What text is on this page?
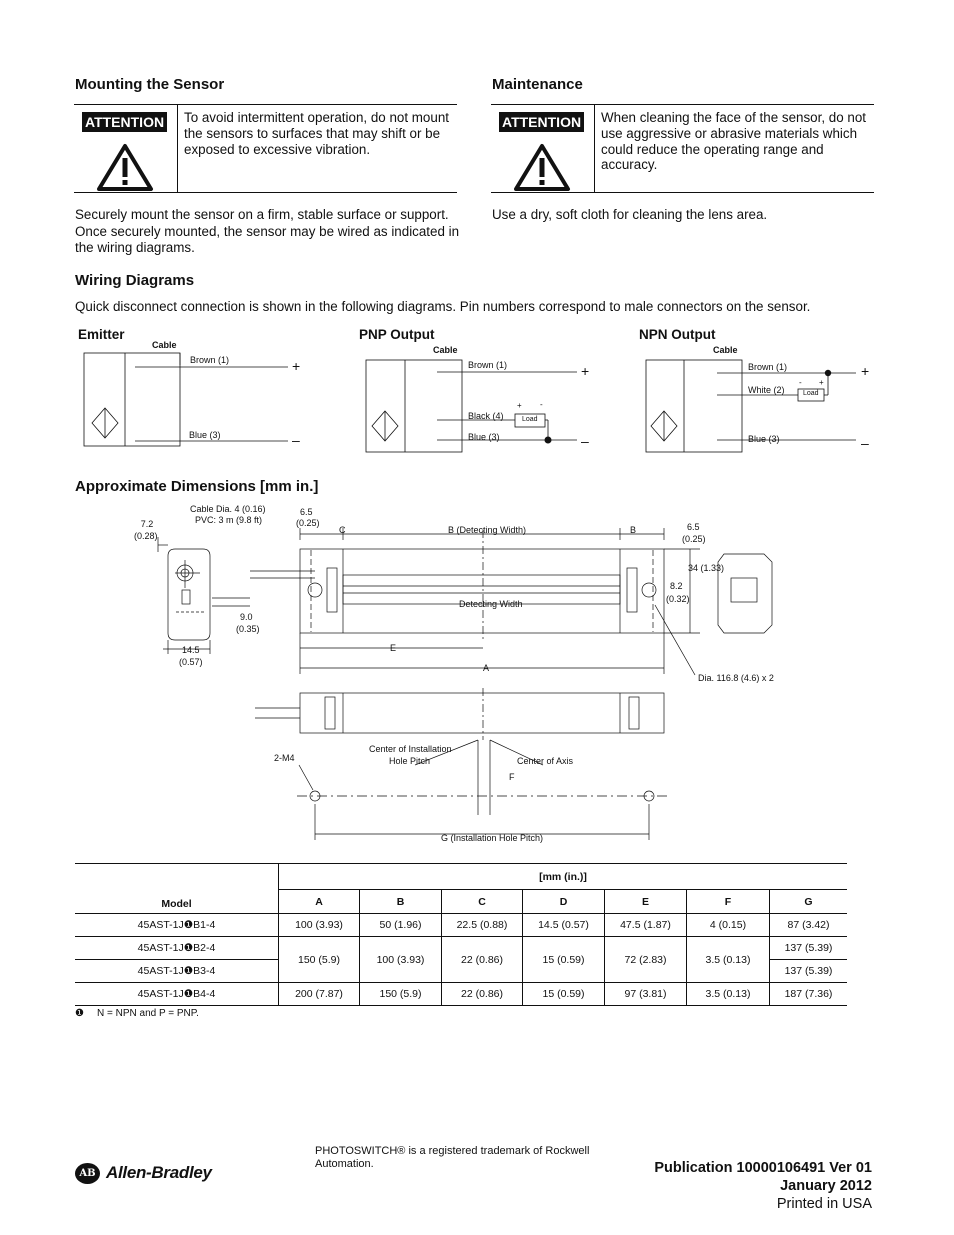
Mounting the Sensor
ATTENTION To avoid intermittent operation, do not mount the sensors to surfaces that may shift or be exposed to excessive vibration.
Securely mount the sensor on a firm, stable surface or support. Once securely mounted, the sensor may be wired as indicated in the wiring diagrams.
Maintenance
ATTENTION When cleaning the face of the sensor, do not use aggressive or abrasive materials which could reduce the operating range and accuracy.
Use a dry, soft cloth for cleaning the lens area.
Wiring Diagrams
Quick disconnect connection is shown in the following diagrams. Pin numbers correspond to male connectors on the sensor.
Emitter
Cable
Brown (1)
Blue (3)
+
–
PNP Output
Cable
Brown (1)
Black (4)
Blue (3)
Load
+ -
+
–
NPN Output
Cable
Brown (1)
White (2)
Blue (3)
Load
- +
+
–
Approximate Dimensions [mm in.]
7.2
(0.28)
Cable Dia. 4 (0.16)
PVC: 3 m (9.8 ft)
6.5
(0.25)
C	B (Detecting Width)	B	6.5
(0.25)
34 (1.33)
8.2
(0.32)
Detecting Width
9.0
(0.35)
14.5
(0.57)
E
A
Dia. 116.8 (4.6) x 2
2-M4
Center of Installation
Hole Pitch	Center of Axis
F
G (Installation Hole Pitch)
Model	[mm (in.)]						
	A	B	C	D	E	F	G
45AST-1J❶B1-4	100 (3.93)	50 (1.96)	22.5 (0.88)	14.5 (0.57)	47.5 (1.87)	4 (0.15)	87 (3.42)
45AST-1J❶B2-4	150 (5.9)	100 (3.93)	22 (0.86)	15 (0.59)	72 (2.83)	3.5 (0.13)	137 (5.39)
45AST-1J❶B3-4							137 (5.39)
45AST-1J❶B4-4	200 (7.87)	150 (5.9)	22 (0.86)	15 (0.59)	97 (3.81)	3.5 (0.13)	187 (7.36)
❶ N = NPN and P = PNP.
PHOTOSWITCH® is a registered trademark of Rockwell Automation.
AB Allen-Bradley	Publication 10000106491 Ver 01
January 2012
Printed in USA
